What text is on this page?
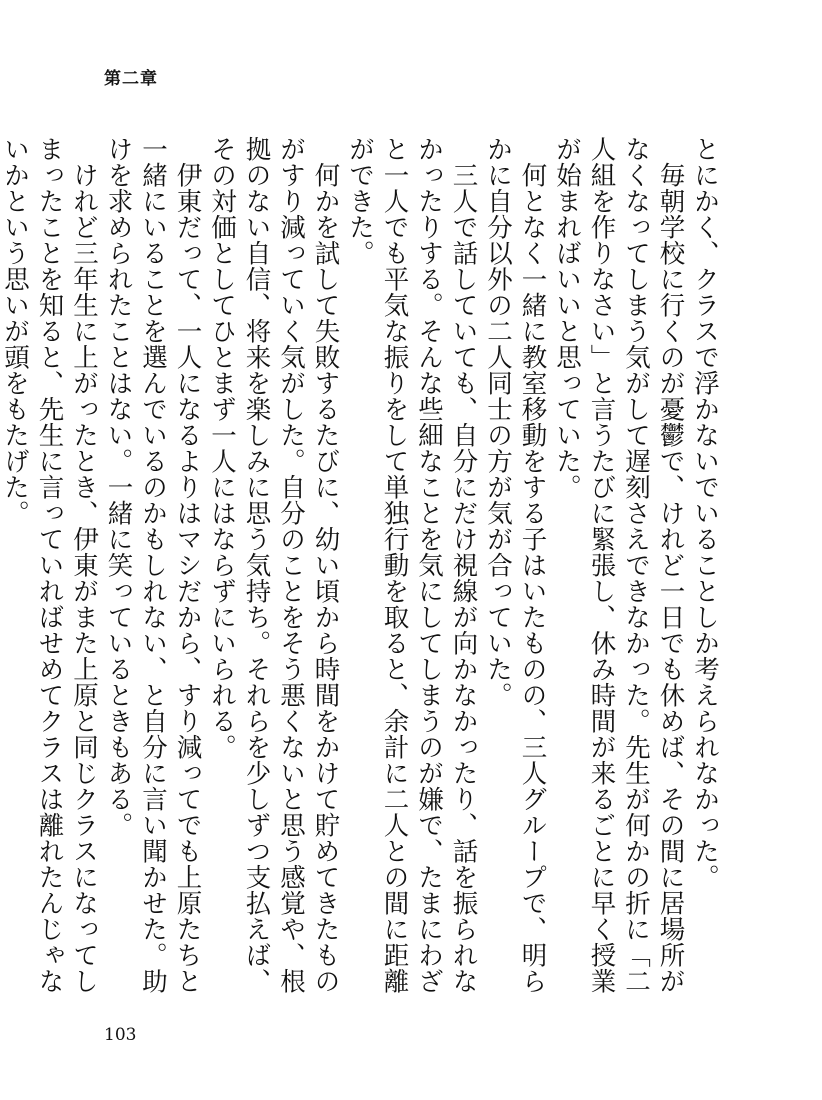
第二章

とにかく、クラスで浮かないでいることしか考えられなかった。

毎朝学校に行くのが憂鬱で、けれど一日でも休めば、その間に居場所がなくなってしまう気がして遅刻さえできなかった。先生が何かの折に「二人組を作りなさい」と言うたびに緊張し、休み時間が来るごとに早く授業が始まればいいと思っていた。

何となく一緒に教室移動をする子はいたものの、三人グループで、明らかに自分以外の二人同士の方が気が合っていた。

三人で話していても、自分にだけ視線が向かなかったり、話を振られなかったりする。そんな些細なことを気にしてしまうのが嫌で、たまにわざと一人でも平気な振りをして単独行動を取ると、余計に二人との間に距離ができた。

何かを試して失敗するたびに、幼い頃から時間をかけて貯めてきたものがすり減っていく気がした。自分のことをそう悪くないと思う感覚や、根拠のない自信、将来を楽しみに思う気持ち。それらを少しずつ支払えば、その対価としてひとまず一人にはならずにいられる。

伊東だって、一人になるよりはマシだから、すり減ってでも上原たちと一緒にいることを選んでいるのかもしれない、と自分に言い聞かせた。助けを求められたことはない。一緒に笑っているときもある。

けれど三年生に上がったとき、伊東がまた上原と同じクラスになってしまったことを知ると、先生に言っていればせめてクラスは離れたんじゃないかという思いが頭をもたげた。

103
